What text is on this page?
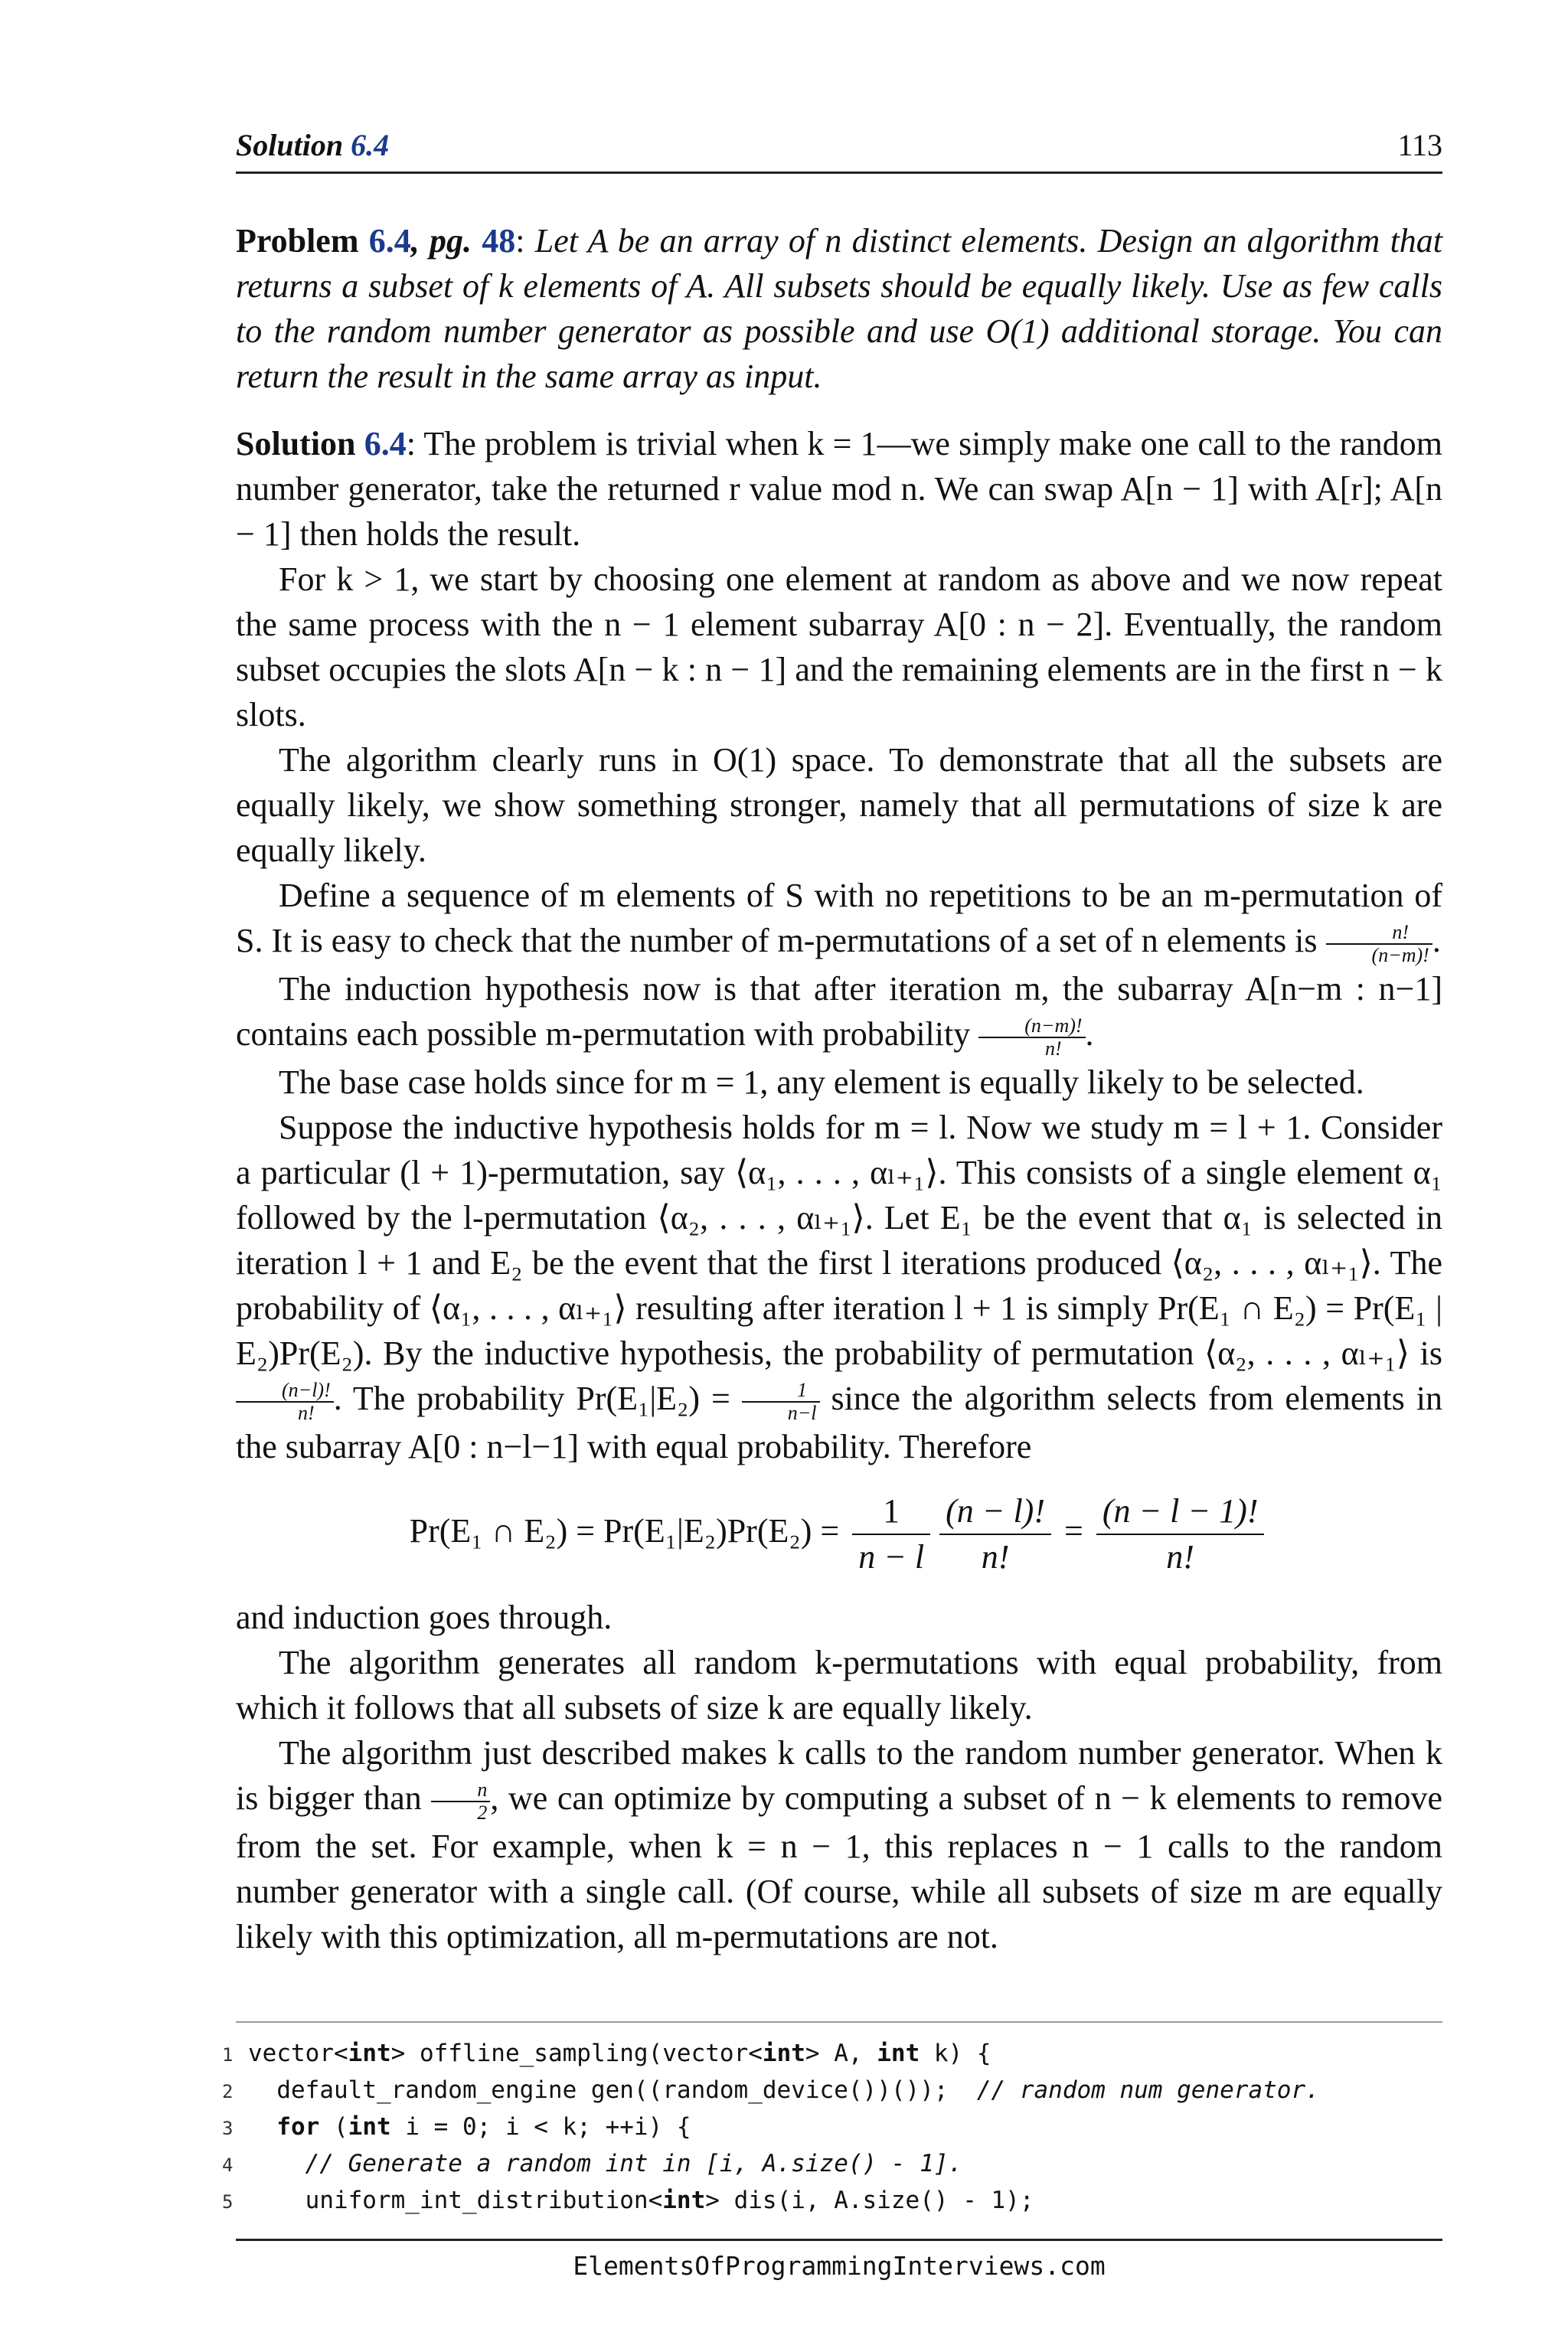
Solution 6.4	113

Problem 6.4, pg. 48: Let A be an array of n distinct elements. Design an algorithm that returns a subset of k elements of A. All subsets should be equally likely. Use as few calls to the random number generator as possible and use O(1) additional storage. You can return the result in the same array as input.

Solution 6.4: The problem is trivial when k = 1—we simply make one call to the random number generator, take the returned r value mod n. We can swap A[n − 1] with A[r]; A[n − 1] then holds the result.

For k > 1, we start by choosing one element at random as above and we now repeat the same process with the n − 1 element subarray A[0 : n − 2]. Eventually, the random subset occupies the slots A[n − k : n − 1] and the remaining elements are in the first n − k slots.

The algorithm clearly runs in O(1) space. To demonstrate that all the subsets are equally likely, we show something stronger, namely that all permutations of size k are equally likely.

Define a sequence of m elements of S with no repetitions to be an m-permutation of S. It is easy to check that the number of m-permutations of a set of n elements is $\frac{n!}{(n-m)!}$ .

The induction hypothesis now is that after iteration m, the subarray A[n−m : n−1] contains each possible m-permutation with probability $\frac{(n-m)!}{n!}$ .

The base case holds since for m = 1, any element is equally likely to be selected.

Suppose the inductive hypothesis holds for m = l. Now we study m = l + 1. Consider a particular (l + 1)-permutation, say ⟨α₁, . . . , αₗ₊₁⟩. This consists of a single element α₁ followed by the l-permutation ⟨α₂, . . . , αₗ₊₁⟩. Let E₁ be the event that α₁ is selected in iteration l + 1 and E₂ be the event that the first l iterations produced ⟨α₂, . . . , αₗ₊₁⟩. The probability of ⟨α₁, . . . , αₗ₊₁⟩ resulting after iteration l + 1 is simply Pr(E₁ ∩ E₂) = Pr(E₁ | E₂)Pr(E₂). By the inductive hypothesis, the probability of permutation ⟨α₂, . . . , αₗ₊₁⟩ is
$\frac{(n-l)!}{n!}$ . The probability $Pr(E_1|E_2) = \frac{1}{n-l}$ since the algorithm selects from elements in the subarray A[0 : n−l−1] with equal probability. Therefore

Pr(E₁ ∩ $E_2) = Pr(E_1|E_2)Pr(E_2) = \frac{1}{n - l} \frac{(n - l)!}{n!} = \frac{(n - l - 1)!}{n!}$

and induction goes through.

The algorithm generates all random k-permutations with equal probability, from which it follows that all subsets of size k are equally likely.

The algorithm just described makes k calls to the random number generator. When k is bigger than $\frac{n}{2}$ , we can optimize by computing a subset of n − k elements to remove from the set. For example, when k = n − 1, this replaces n − 1 calls to the random number generator with a single call. (Of course, while all subsets of size m are equally likely with this optimization, all m-permutations are not.

1 vector<int> offline_sampling(vector<int> A, int k) {
2  default_random_engine gen((random_device())());  // random num generator.
3 for (int i = 0; i < k; ++i) {
4	// Generate a random int in [i, A.size() - 1].
5    uniform_int_distribution<int> dis(i, A.size() - 1);
ElementsOfProgrammingInterviews.com
